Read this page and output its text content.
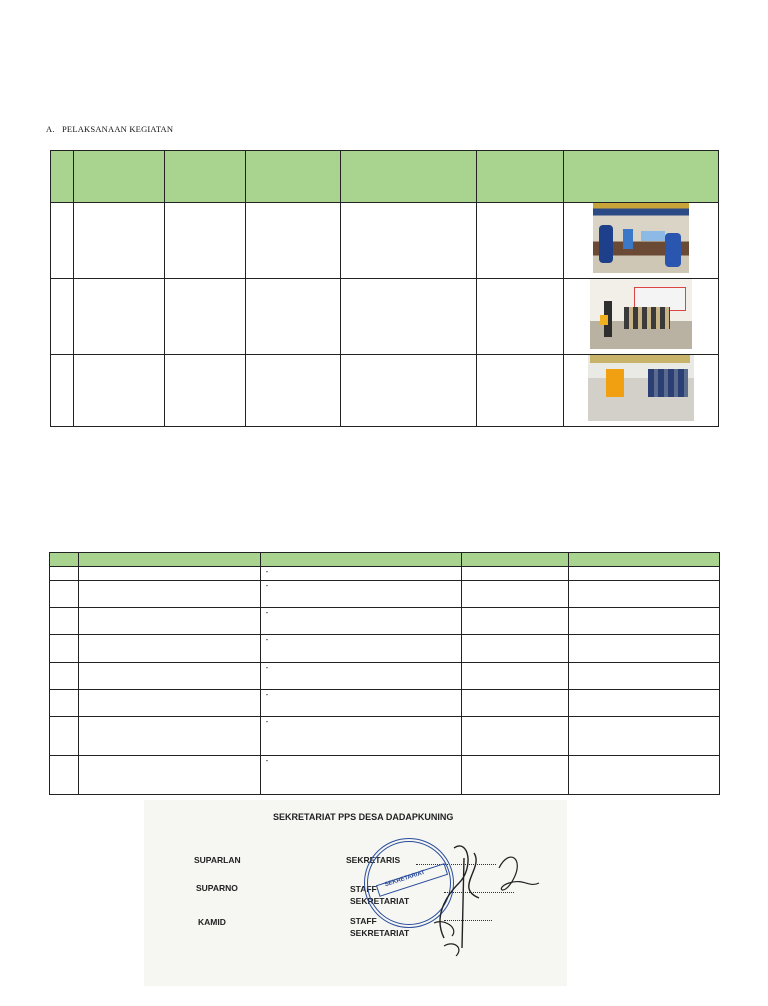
A. PELAKSANAAN KEGIATAN

		-		
		-		
		-		
		-		
		-		
		-		
		-		
		-		
SEKRETARIAT PPS DESA DADAPKUNING
SUPARLAN	SEKRETARIS
SUPARNO	STAFF SEKRETARIAT
KAMID	STAFF SEKRETARIAT
SEKRETARIAT
